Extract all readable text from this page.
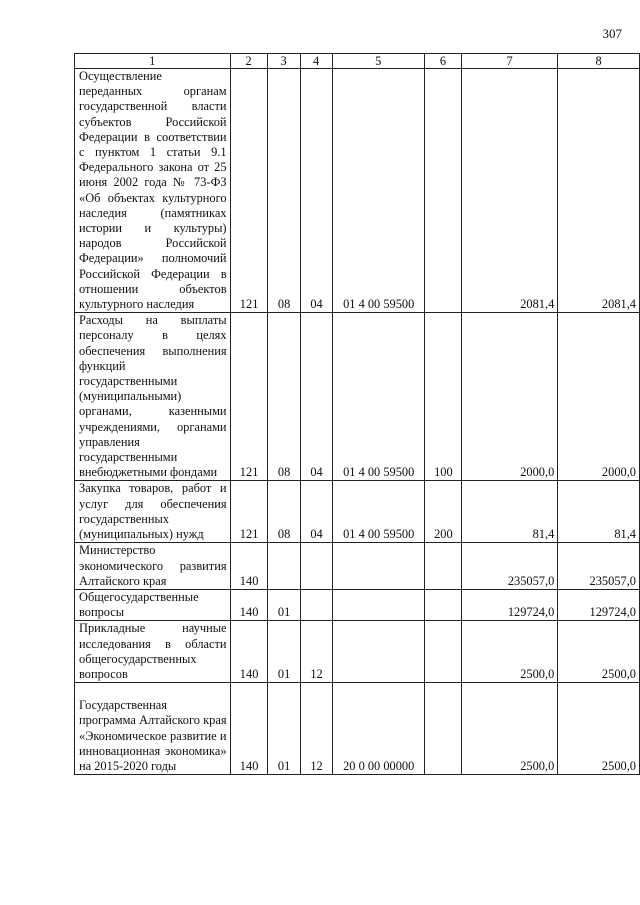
307
1	2	3	4	5	6	7	8
Осуществление переданных органам государственной власти субъектов Российской Федерации в соответствии с пунктом 1 статьи 9.1 Федерального закона от 25 июня 2002 года № 73-ФЗ «Об объектах культурного наследия (памятниках истории и культуры) народов Российской Федерации» полномочий Российской Федерации в отношении объектов культурного наследия	121	08	04	01 4 00 59500		2081,4	2081,4
Расходы на выплаты персоналу в целях обеспечения выполнения функций государственными (муниципальными) органами, казенными учреждениями, органами управления государственными внебюджетными фондами	121	08	04	01 4 00 59500	100	2000,0	2000,0
Закупка товаров, работ и услуг для обеспечения государственных (муниципальных) нужд	121	08	04	01 4 00 59500	200	81,4	81,4
Министерство экономического развития Алтайского края	140					235057,0	235057,0
Общегосударственные вопросы	140	01				129724,0	129724,0
Прикладные научные исследования в области общегосударственных вопросов	140	01	12			2500,0	2500,0
Государственная программа Алтайского края «Экономическое развитие и инновационная экономика» на 2015-2020 годы	140	01	12	20 0 00 00000		2500,0	2500,0
